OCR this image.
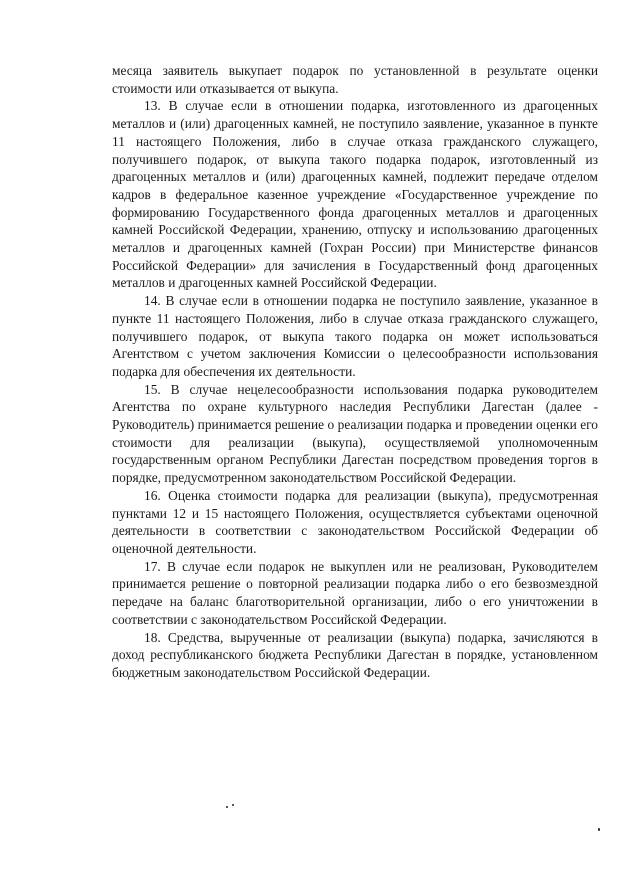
месяца заявитель выкупает подарок по установленной в результате оценки стоимости или отказывается от выкупа.

13. В случае если в отношении подарка, изготовленного из драгоценных металлов и (или) драгоценных камней, не поступило заявление, указанное в пункте 11 настоящего Положения, либо в случае отказа гражданского служащего, получившего подарок, от выкупа такого подарка подарок, изготовленный из драгоценных металлов и (или) драгоценных камней, подлежит передаче отделом кадров в федеральное казенное учреждение «Государственное учреждение по формированию Государственного фонда драгоценных металлов и драгоценных камней Российской Федерации, хранению, отпуску и использованию драгоценных металлов и драгоценных камней (Гохран России) при Министерстве финансов Российской Федерации» для зачисления в Государственный фонд драгоценных металлов и драгоценных камней Российской Федерации.

14. В случае если в отношении подарка не поступило заявление, указанное в пункте 11 настоящего Положения, либо в случае отказа гражданского служащего, получившего подарок, от выкупа такого подарка он может использоваться Агентством с учетом заключения Комиссии о целесообразности использования подарка для обеспечения их деятельности.

15. В случае нецелесообразности использования подарка руководителем Агентства по охране культурного наследия Республики Дагестан (далее - Руководитель) принимается решение о реализации подарка и проведении оценки его стоимости для реализации (выкупа), осуществляемой уполномоченным государственным органом Республики Дагестан посредством проведения торгов в порядке, предусмотренном законодательством Российской Федерации.

16. Оценка стоимости подарка для реализации (выкупа), предусмотренная пунктами 12 и 15 настоящего Положения, осуществляется субъектами оценочной деятельности в соответствии с законодательством Российской Федерации об оценочной деятельности.

17. В случае если подарок не выкуплен или не реализован, Руководителем принимается решение о повторной реализации подарка либо о его безвозмездной передаче на баланс благотворительной организации, либо о его уничтожении в соответствии с законодательством Российской Федерации.

18. Средства, вырученные от реализации (выкупа) подарка, зачисляются в доход республиканского бюджета Республики Дагестан в порядке, установленном бюджетным законодательством Российской Федерации.
